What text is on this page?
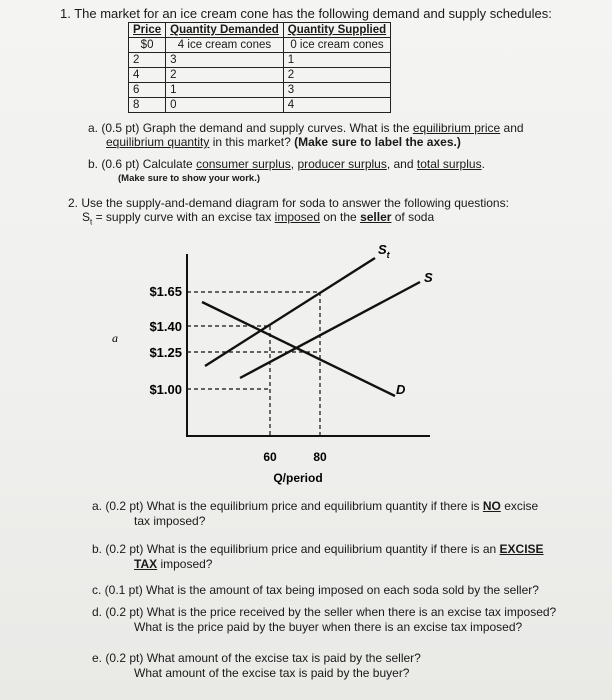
1. The market for an ice cream cone has the following demand and supply schedules:
Price	Quantity Demanded	Quantity Supplied
$0	4 ice cream cones	0 ice cream cones
2	3	1
4	2	2
6	1	3
8	0	4
a. (0.5 pt) Graph the demand and supply curves. What is the equilibrium price and
equilibrium quantity in this market? (Make sure to label the axes.)
b. (0.6 pt) Calculate consumer surplus, producer surplus, and total surplus.
(Make sure to show your work.)
2. Use the supply-and-demand diagram for soda to answer the following questions:
$S_t$ = supply curve with an excise tax imposed on the seller of soda
$1.65
$1.40
$1.25
$1.00
a
60	80
Q/period
$S_t$
S
D
a. (0.2 pt) What is the equilibrium price and equilibrium quantity if there is NO excise
tax imposed?
b. (0.2 pt) What is the equilibrium price and equilibrium quantity if there is an EXCISE
TAX imposed?
c. (0.1 pt) What is the amount of tax being imposed on each soda sold by the seller?
d. (0.2 pt) What is the price received by the seller when there is an excise tax imposed?
What is the price paid by the buyer when there is an excise tax imposed?
e. (0.2 pt) What amount of the excise tax is paid by the seller?
What amount of the excise tax is paid by the buyer?
